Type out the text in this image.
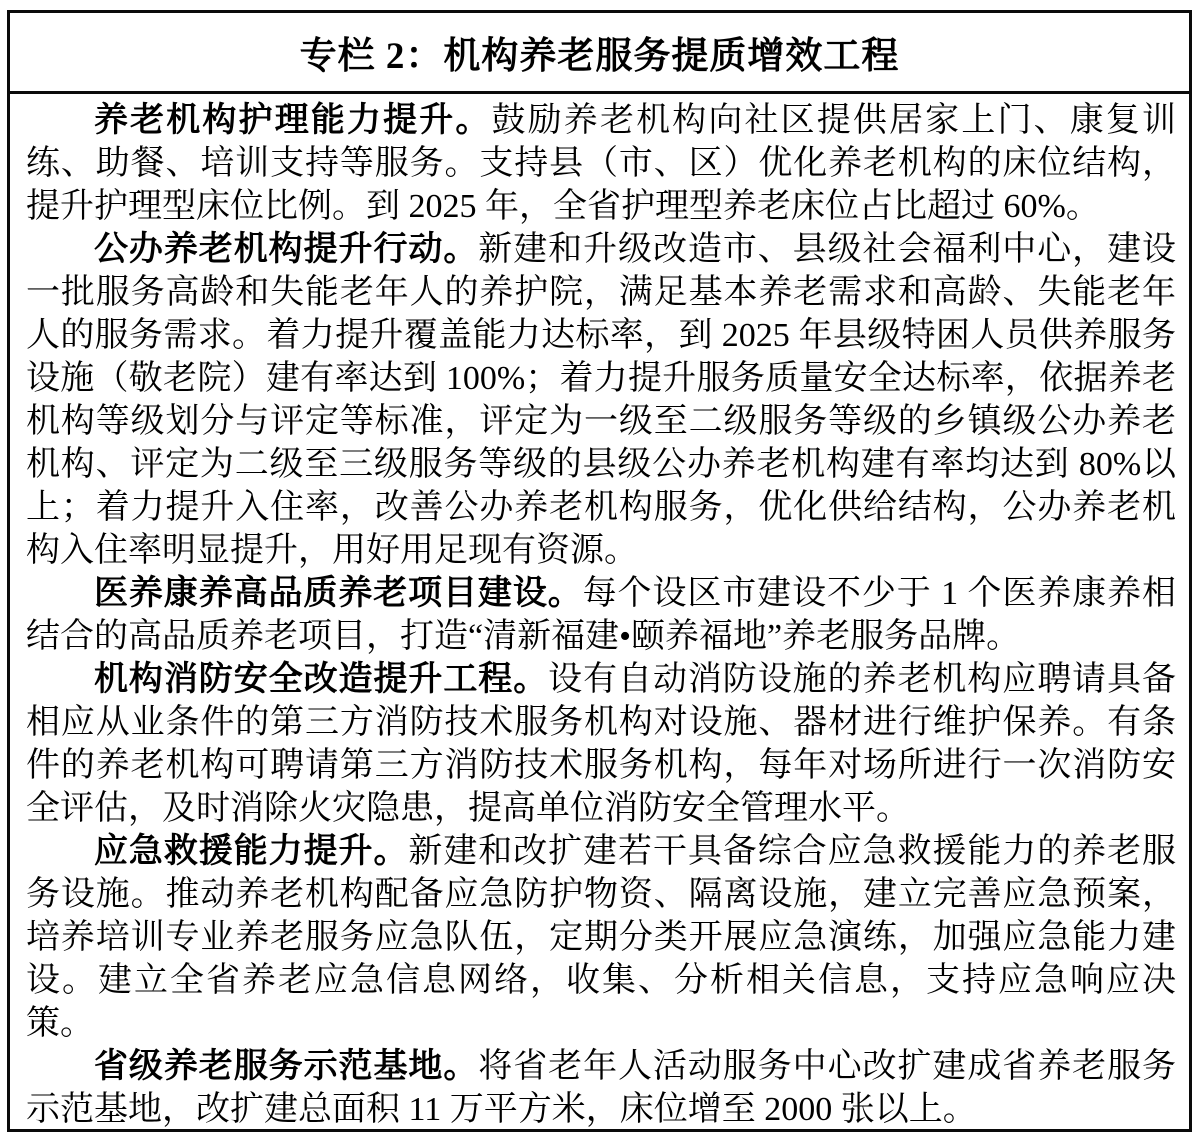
专栏 2：机构养老服务提质增效工程

养老机构护理能力提升。鼓励养老机构向社区提供居家上门、康复训练、助餐、培训支持等服务。支持县（市、区）优化养老机构的床位结构，提升护理型床位比例。到 2025 年，全省护理型养老床位占比超过 60%。

公办养老机构提升行动。新建和升级改造市、县级社会福利中心，建设一批服务高龄和失能老年人的养护院，满足基本养老需求和高龄、失能老年人的服务需求。着力提升覆盖能力达标率，到 2025 年县级特困人员供养服务设施（敬老院）建有率达到 100%；着力提升服务质量安全达标率，依据养老机构等级划分与评定等标准，评定为一级至二级服务等级的乡镇级公办养老机构、评定为二级至三级服务等级的县级公办养老机构建有率均达到 80%以上；着力提升入住率，改善公办养老机构服务，优化供给结构，公办养老机构入住率明显提升，用好用足现有资源。

医养康养高品质养老项目建设。每个设区市建设不少于 1 个医养康养相结合的高品质养老项目，打造“清新福建•颐养福地”养老服务品牌。

机构消防安全改造提升工程。设有自动消防设施的养老机构应聘请具备相应从业条件的第三方消防技术服务机构对设施、器材进行维护保养。有条件的养老机构可聘请第三方消防技术服务机构，每年对场所进行一次消防安全评估，及时消除火灾隐患，提高单位消防安全管理水平。

应急救援能力提升。新建和改扩建若干具备综合应急救援能力的养老服务设施。推动养老机构配备应急防护物资、隔离设施，建立完善应急预案，培养培训专业养老服务应急队伍，定期分类开展应急演练，加强应急能力建设。建立全省养老应急信息网络，收集、分析相关信息，支持应急响应决策。

省级养老服务示范基地。将省老年人活动服务中心改扩建成省养老服务示范基地，改扩建总面积 11 万平方米，床位增至 2000 张以上。
